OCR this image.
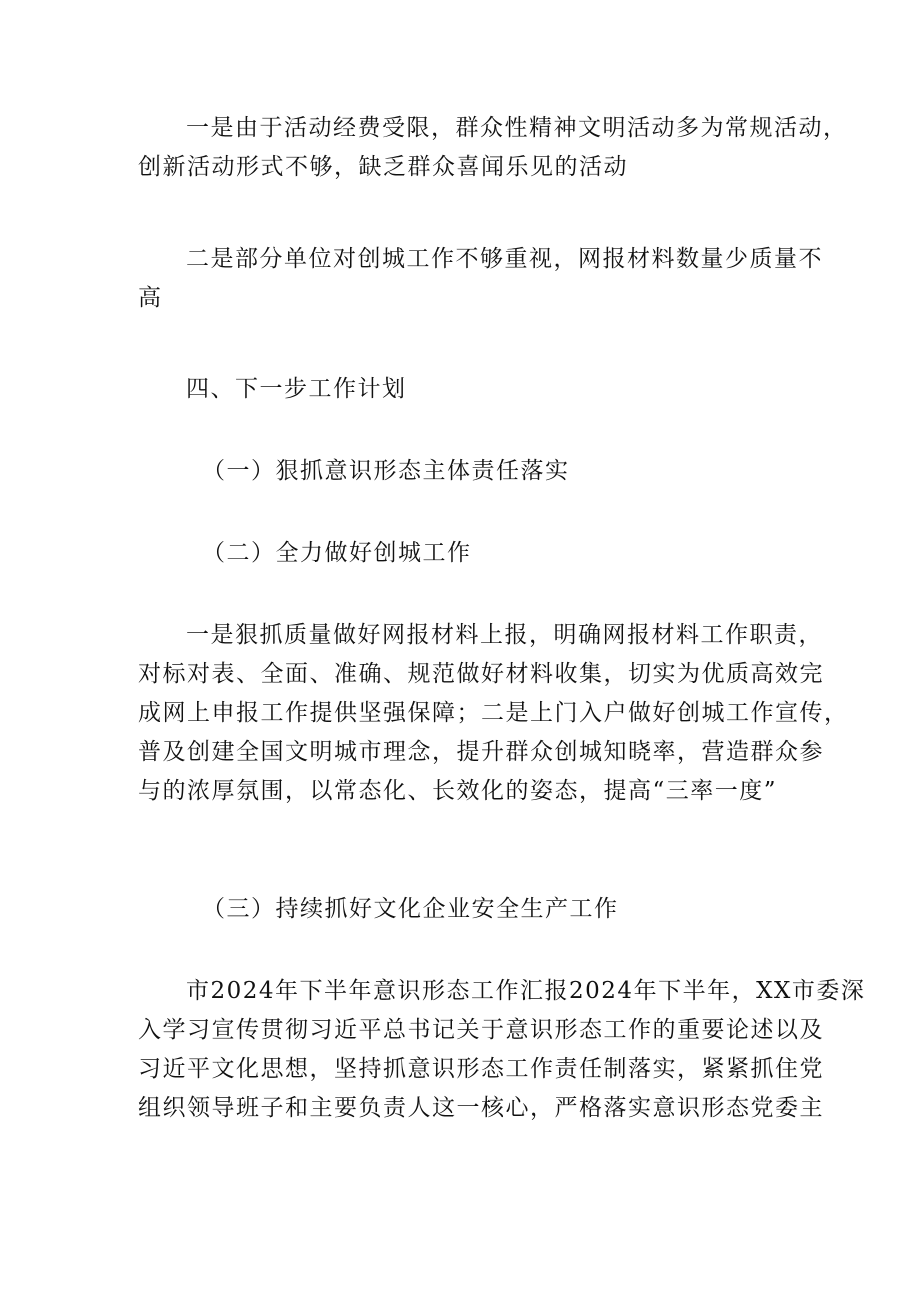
一是由于活动经费受限，群众性精神文明活动多为常规活动，
创新活动形式不够，缺乏群众喜闻乐见的活动

二是部分单位对创城工作不够重视，网报材料数量少质量不
高

四、下一步工作计划

（一）狠抓意识形态主体责任落实

（二）全力做好创城工作

一是狠抓质量做好网报材料上报，明确网报材料工作职责，
对标对表、全面、准确、规范做好材料收集，切实为优质高效完
成网上申报工作提供坚强保障；二是上门入户做好创城工作宣传，
普及创建全国文明城市理念，提升群众创城知晓率，营造群众参
与的浓厚氛围，以常态化、长效化的姿态，提高“三率一度”

（三）持续抓好文化企业安全生产工作

市2024年下半年意识形态工作汇报2024年下半年，XX市委深
入学习宣传贯彻习近平总书记关于意识形态工作的重要论述以及
习近平文化思想，坚持抓意识形态工作责任制落实，紧紧抓住党
组织领导班子和主要负责人这一核心，严格落实意识形态党委主
